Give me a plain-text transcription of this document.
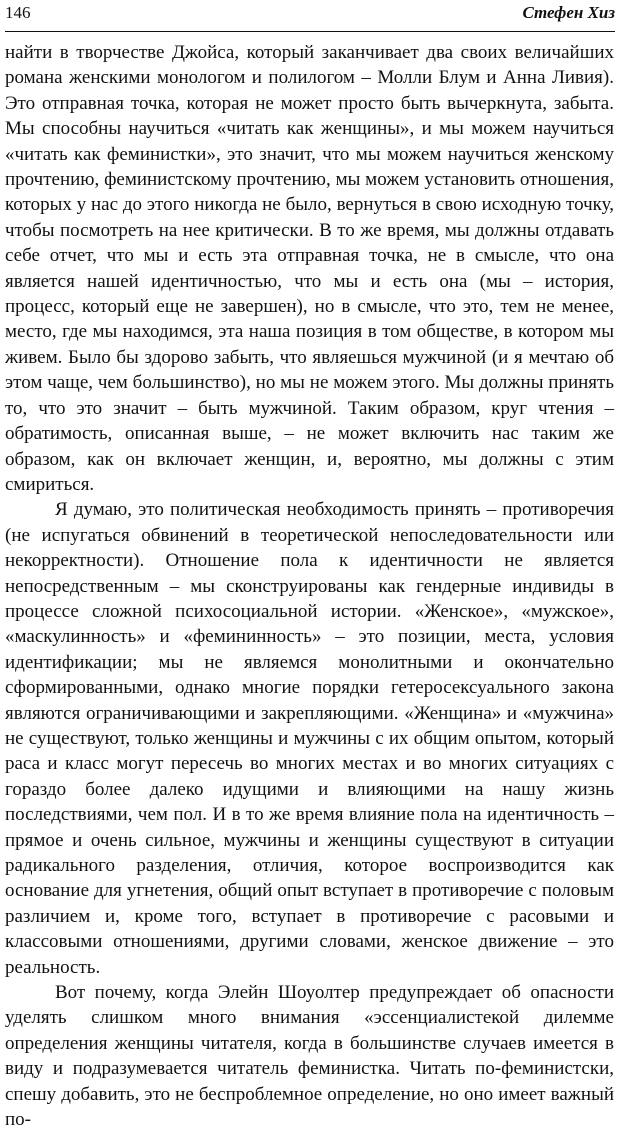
146	Стефен Хиз

найти в творчестве Джойса, который заканчивает два своих величайших романа женскими монологом и полилогом – Молли Блум и Анна Ливия). Это отправная точка, которая не может просто быть вычеркнута, забыта. Мы способны научиться «читать как женщины», и мы можем научиться «читать как феминистки», это значит, что мы можем научиться женскому прочтению, феминистскому прочтению, мы можем установить отношения, которых у нас до этого никогда не было, вернуться в свою исходную точку, чтобы посмотреть на нее критически. В то же время, мы должны отдавать себе отчет, что мы и есть эта отправная точка, не в смысле, что она является нашей идентичностью, что мы и есть она (мы – история, процесс, который еще не завершен), но в смысле, что это, тем не менее, место, где мы находимся, эта наша позиция в том обществе, в котором мы живем. Было бы здорово забыть, что являешься мужчиной (и я мечтаю об этом чаще, чем большинство), но мы не можем этого. Мы должны принять то, что это значит – быть мужчиной. Таким образом, круг чтения – обратимость, описанная выше, – не может включить нас таким же образом, как он включает женщин, и, вероятно, мы должны с этим смириться.

Я думаю, это политическая необходимость принять – противоречия (не испугаться обвинений в теоретической непоследовательности или некорректности). Отношение пола к идентичности не является непосредственным – мы сконструированы как гендерные индивиды в процессе сложной психосоциальной истории. «Женское», «мужское», «маскулинность» и «фемининность» – это позиции, места, условия идентификации; мы не являемся монолитными и окончательно сформированными, однако многие порядки гетеросексуального закона являются ограничивающими и закрепляющими. «Женщина» и «мужчина» не существуют, только женщины и мужчины с их общим опытом, который раса и класс могут пересечь во многих местах и во многих ситуациях с гораздо более далеко идущими и влияющими на нашу жизнь последствиями, чем пол. И в то же время влияние пола на идентичность – прямое и очень сильное, мужчины и женщины существуют в ситуации радикального разделения, отличия, которое воспроизводится как основание для угнетения, общий опыт вступает в противоречие с половым различием и, кроме того, вступает в противоречие с расовыми и классовыми отношениями, другими словами, женское движение – это реальность.

Вот почему, когда Элейн Шоуолтер предупреждает об опасности уделять слишком много внимания «эссенциалистекой дилемме определения женщины читателя, когда в большинстве случаев имеется в виду и подразумевается читатель феминистка. Читать по-феминистски, спешу добавить, это не беспроблемное определение, но оно имеет важный по-
